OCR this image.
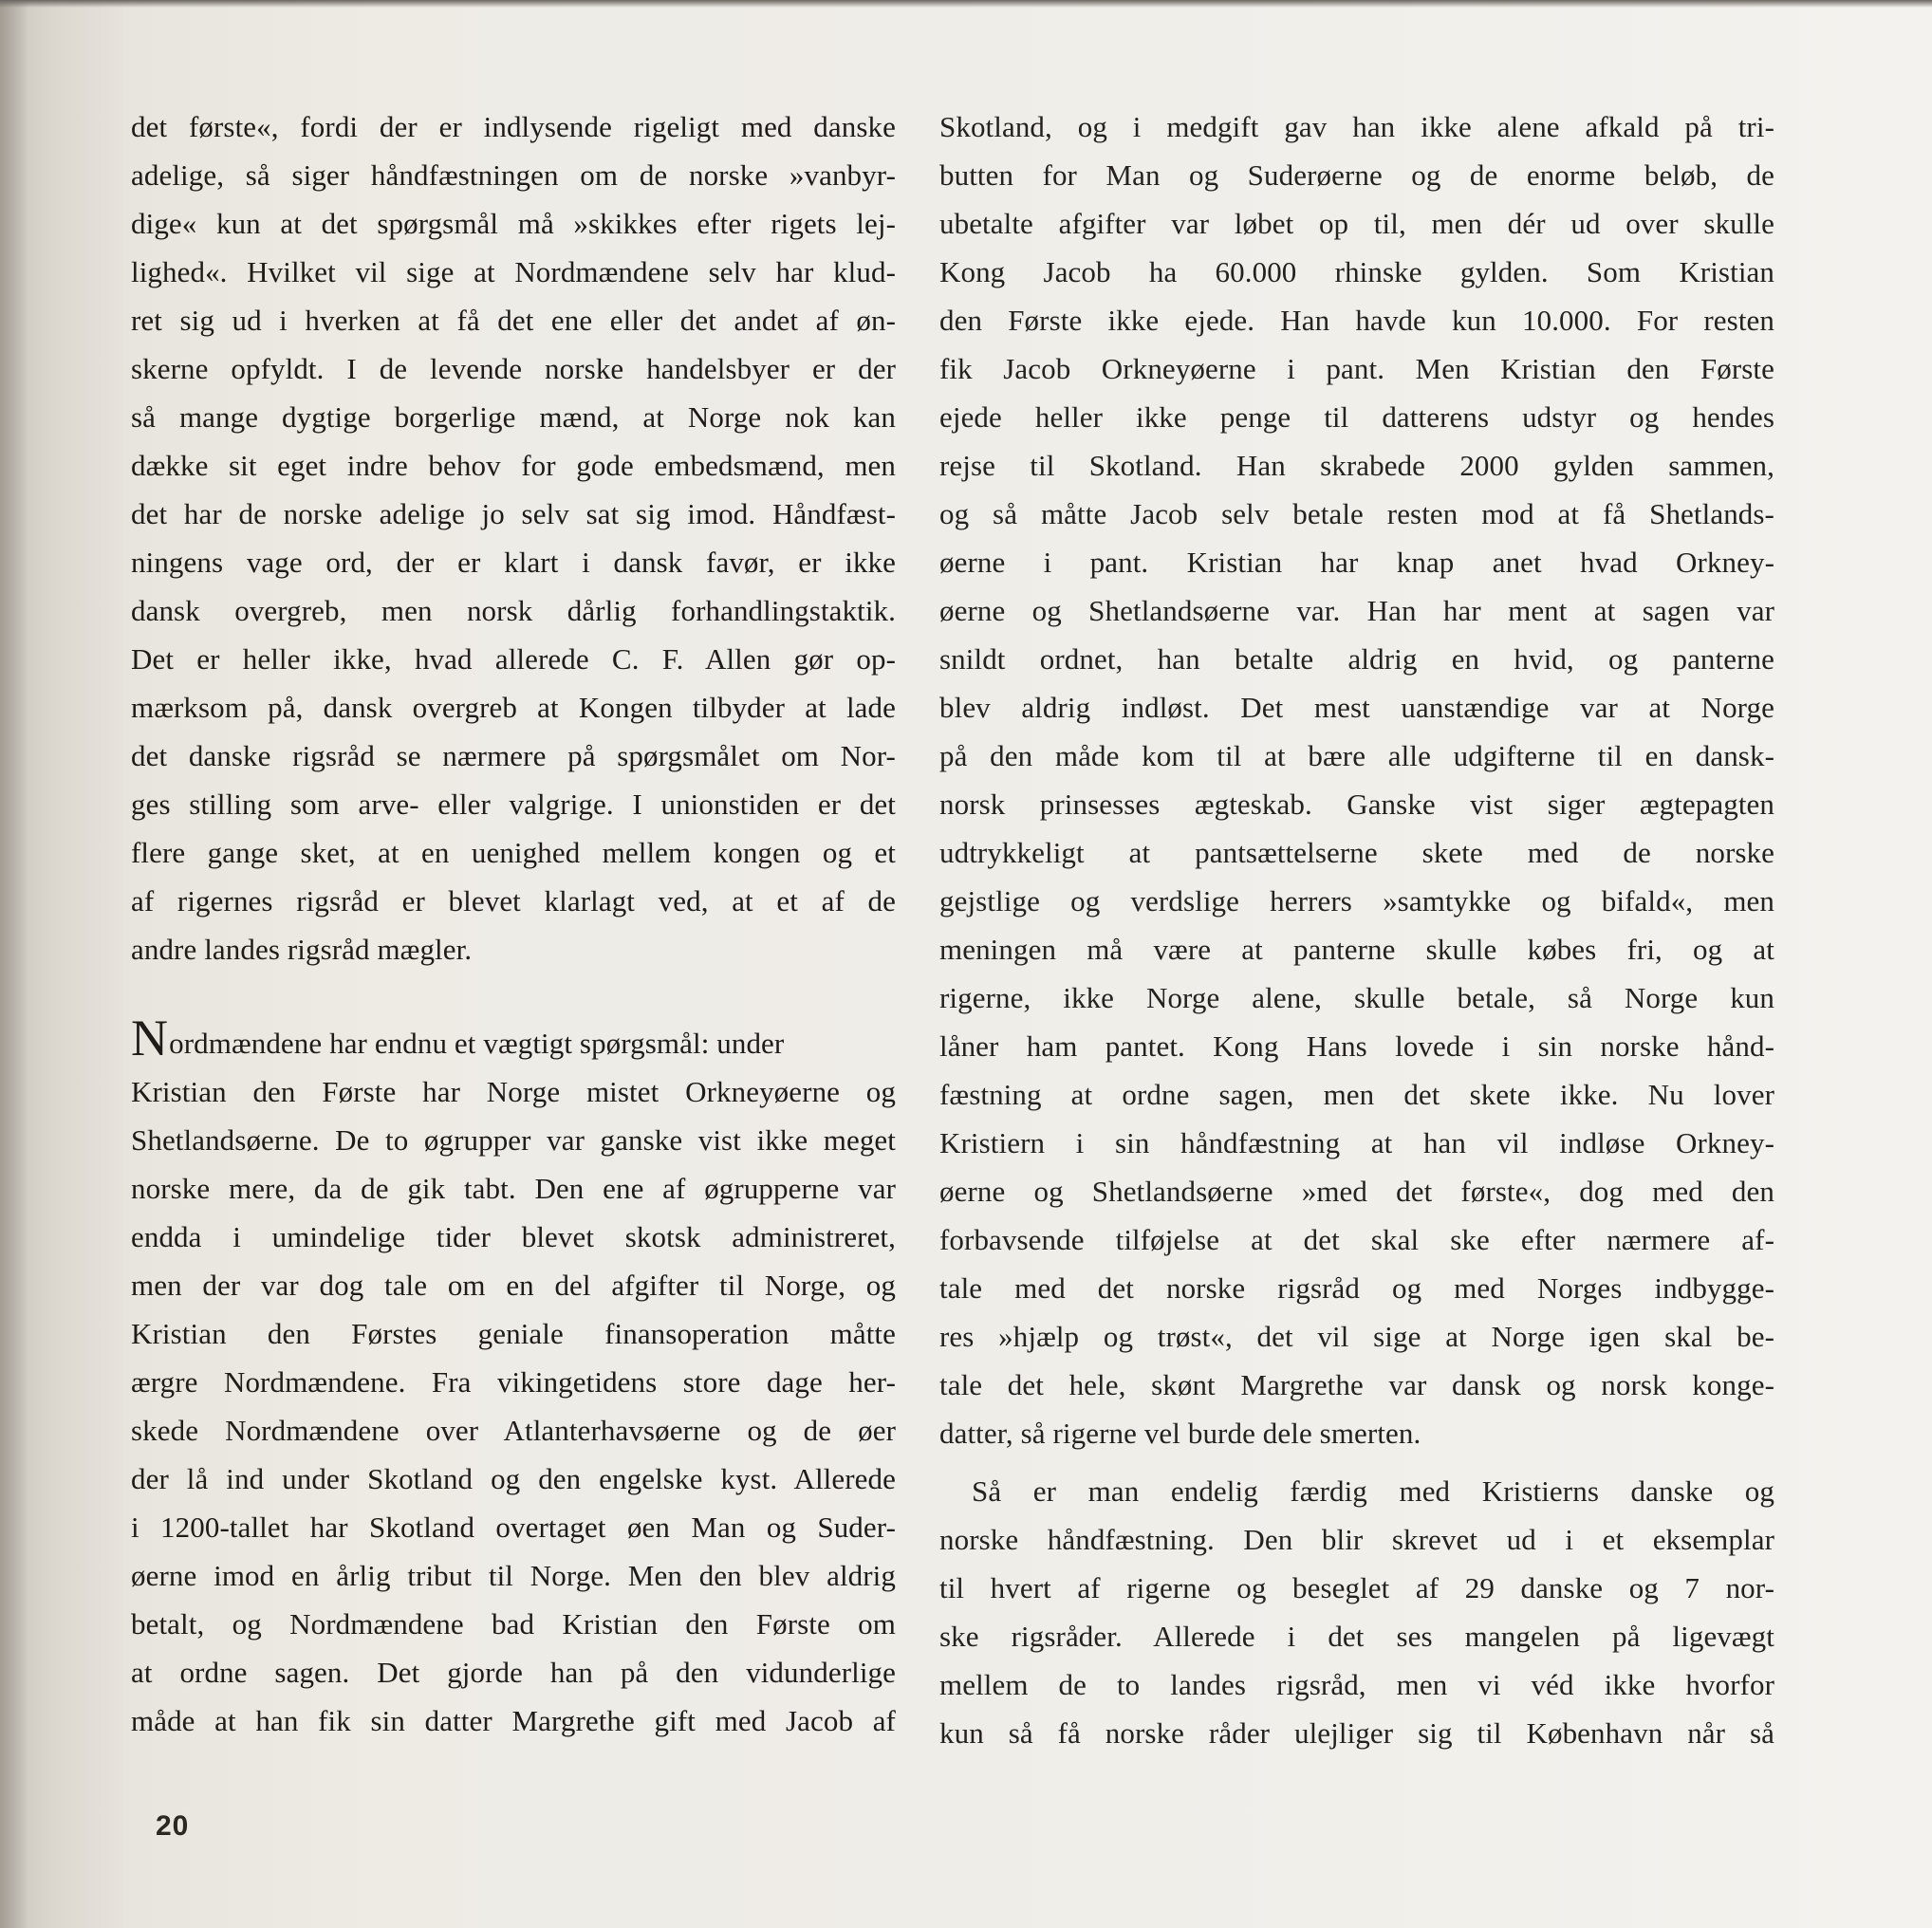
det første«, fordi der er indlysende rigeligt med danske
adelige, så siger håndfæstningen om de norske »vanbyr-
dige« kun at det spørgsmål må »skikkes efter rigets lej-
lighed«. Hvilket vil sige at Nordmændene selv har klud-
ret sig ud i hverken at få det ene eller det andet af øn-
skerne opfyldt. I de levende norske handelsbyer er der
så mange dygtige borgerlige mænd, at Norge nok kan
dække sit eget indre behov for gode embedsmænd, men
det har de norske adelige jo selv sat sig imod. Håndfæst-
ningens vage ord, der er klart i dansk favør, er ikke
dansk overgreb, men norsk dårlig forhandlingstaktik.
Det er heller ikke, hvad allerede C. F. Allen gør op-
mærksom på, dansk overgreb at Kongen tilbyder at lade
det danske rigsråd se nærmere på spørgsmålet om Nor-
ges stilling som arve- eller valgrige. I unionstiden er det
flere gange sket, at en uenighed mellem kongen og et
af rigernes rigsråd er blevet klarlagt ved, at et af de
andre landes rigsråd mægler.
Nordmændene har endnu et vægtigt spørgsmål: under
Kristian den Første har Norge mistet Orkneyøerne og
Shetlandsøerne. De to øgrupper var ganske vist ikke meget
norske mere, da de gik tabt. Den ene af øgrupperne var
endda i umindelige tider blevet skotsk administreret,
men der var dog tale om en del afgifter til Norge, og
Kristian den Førstes geniale finansoperation måtte
ærgre Nordmændene. Fra vikingetidens store dage her-
skede Nordmændene over Atlanterhavsøerne og de øer
der lå ind under Skotland og den engelske kyst. Allerede
i 1200-tallet har Skotland overtaget øen Man og Suder-
øerne imod en årlig tribut til Norge. Men den blev aldrig
betalt, og Nordmændene bad Kristian den Første om
at ordne sagen. Det gjorde han på den vidunderlige
måde at han fik sin datter Margrethe gift med Jacob af
Skotland, og i medgift gav han ikke alene afkald på tri-
butten for Man og Suderøerne og de enorme beløb, de
ubetalte afgifter var løbet op til, men dér ud over skulle
Kong Jacob ha 60.000 rhinske gylden. Som Kristian
den Første ikke ejede. Han havde kun 10.000. For resten
fik Jacob Orkneyøerne i pant. Men Kristian den Første
ejede heller ikke penge til datterens udstyr og hendes
rejse til Skotland. Han skrabede 2000 gylden sammen,
og så måtte Jacob selv betale resten mod at få Shetlands-
øerne i pant. Kristian har knap anet hvad Orkney-
øerne og Shetlandsøerne var. Han har ment at sagen var
snildt ordnet, han betalte aldrig en hvid, og panterne
blev aldrig indløst. Det mest uanstændige var at Norge
på den måde kom til at bære alle udgifterne til en dansk-
norsk prinsesses ægteskab. Ganske vist siger ægtepagten
udtrykkeligt at pantsættelserne skete med de norske
gejstlige og verdslige herrers »samtykke og bifald«, men
meningen må være at panterne skulle købes fri, og at
rigerne, ikke Norge alene, skulle betale, så Norge kun
låner ham pantet. Kong Hans lovede i sin norske hånd-
fæstning at ordne sagen, men det skete ikke. Nu lover
Kristiern i sin håndfæstning at han vil indløse Orkney-
øerne og Shetlandsøerne »med det første«, dog med den
forbavsende tilføjelse at det skal ske efter nærmere af-
tale med det norske rigsråd og med Norges indbygge-
res »hjælp og trøst«, det vil sige at Norge igen skal be-
tale det hele, skønt Margrethe var dansk og norsk konge-
datter, så rigerne vel burde dele smerten.
Så er man endelig færdig med Kristierns danske og
norske håndfæstning. Den blir skrevet ud i et eksemplar
til hvert af rigerne og beseglet af 29 danske og 7 nor-
ske rigsråder. Allerede i det ses mangelen på ligevægt
mellem de to landes rigsråd, men vi véd ikke hvorfor
kun så få norske råder ulejliger sig til København når så
20
